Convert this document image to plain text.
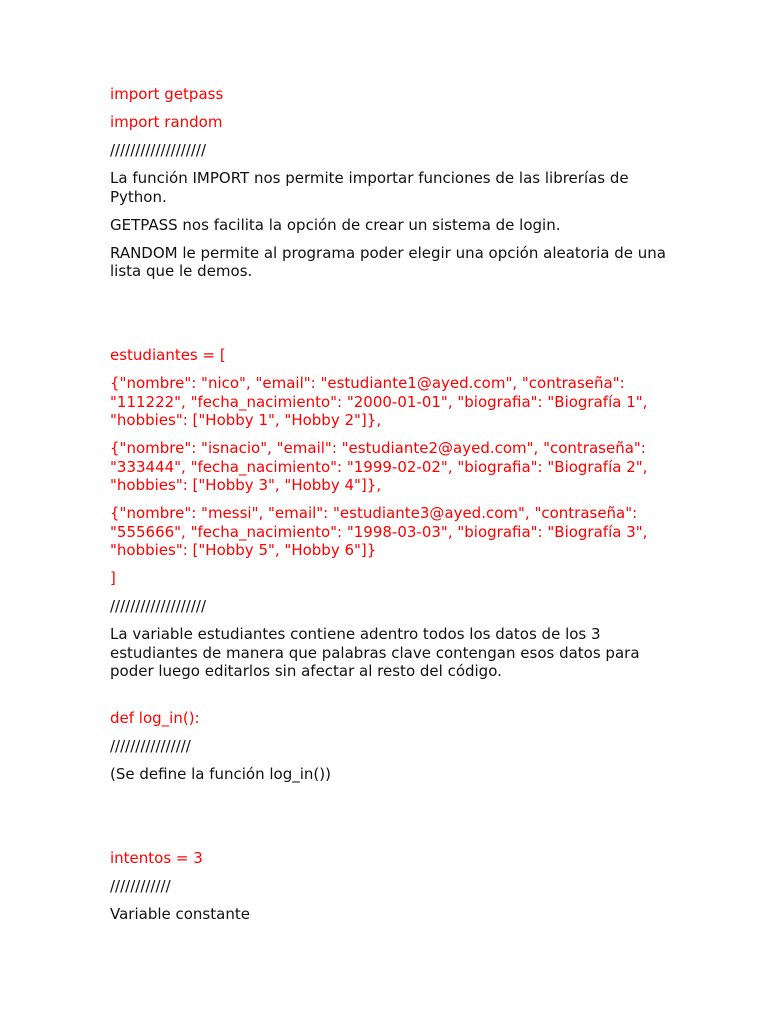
import getpass

import random

///////////////////

La función IMPORT nos permite importar funciones de las librerías de Python.

GETPASS nos facilita la opción de crear un sistema de login.

RANDOM le permite al programa poder elegir una opción aleatoria de una lista que le demos.

estudiantes = [

{"nombre": "nico", "email": "estudiante1@ayed.com", "contraseña": "111222", "fecha_nacimiento": "2000-01-01", "biografia": "Biografía 1", "hobbies": ["Hobby 1", "Hobby 2"]},

{"nombre": "isnacio", "email": "estudiante2@ayed.com", "contraseña": "333444", "fecha_nacimiento": "1999-02-02", "biografia": "Biografía 2", "hobbies": ["Hobby 3", "Hobby 4"]},

{"nombre": "messi", "email": "estudiante3@ayed.com", "contraseña": "555666", "fecha_nacimiento": "1998-03-03", "biografia": "Biografía 3", "hobbies": ["Hobby 5", "Hobby 6"]}

]

///////////////////

La variable estudiantes contiene adentro todos los datos de los 3 estudiantes de manera que palabras clave contengan esos datos para poder luego editarlos sin afectar al resto del código.

def log_in():

////////////////

(Se define la función log_in())

intentos = 3

////////////

Variable constante
